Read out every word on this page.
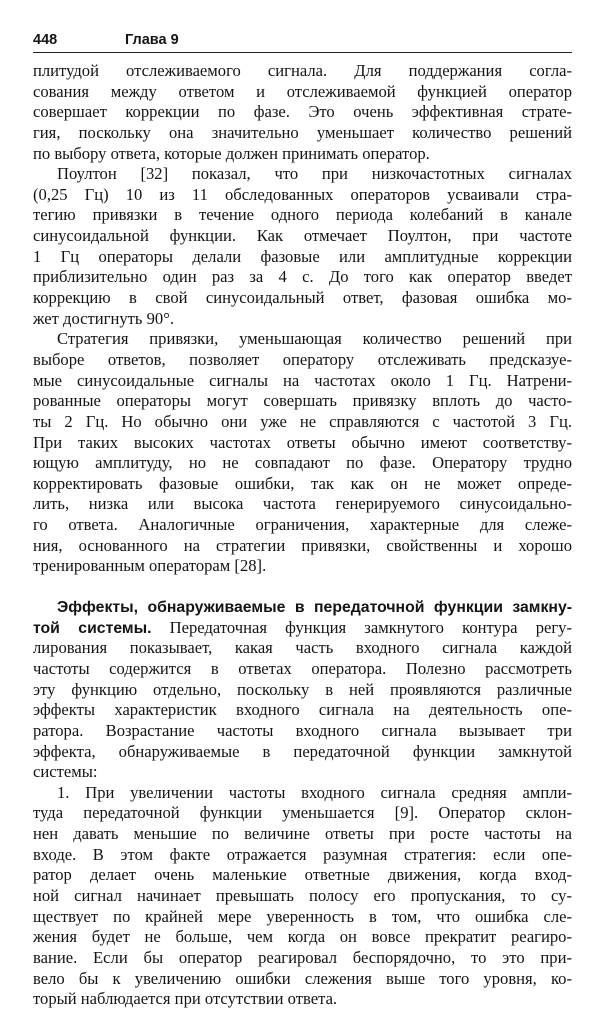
448	Глава 9
плитудой отслеживаемого сигнала. Для поддержания согла-
сования между ответом и отслеживаемой функцией оператор
совершает коррекции по фазе. Это очень эффективная страте-
гия, поскольку она значительно уменьшает количество решений
по выбору ответа, которые должен принимать оператор.
Поултон [32] показал, что при низкочастотных сигналах
(0,25 Гц) 10 из 11 обследованных операторов усваивали стра-
тегию привязки в течение одного периода колебаний в канале
синусоидальной функции. Как отмечает Поултон, при частоте
1 Гц операторы делали фазовые или амплитудные коррекции
приблизительно один раз за 4 с. До того как оператор введет
коррекцию в свой синусоидальный ответ, фазовая ошибка мо-
жет достигнуть 90°.
Стратегия привязки, уменьшающая количество решений при
выборе ответов, позволяет оператору отслеживать предсказуе-
мые синусоидальные сигналы на частотах около 1 Гц. Натрени-
рованные операторы могут совершать привязку вплоть до часто-
ты 2 Гц. Но обычно они уже не справляются с частотой 3 Гц.
При таких высоких частотах ответы обычно имеют соответству-
ющую амплитуду, но не совпадают по фазе. Оператору трудно
корректировать фазовые ошибки, так как он не может опреде-
лить, низка или высока частота генерируемого синусоидально-
го ответа. Аналогичные ограничения, характерные для слеже-
ния, основанного на стратегии привязки, свойственны и хорошо
тренированным операторам [28].
Эффекты, обнаруживаемые в передаточной функции замкну-
той системы. Передаточная функция замкнутого контура регу-
лирования показывает, какая часть входного сигнала каждой
частоты содержится в ответах оператора. Полезно рассмотреть
эту функцию отдельно, поскольку в ней проявляются различные
эффекты характеристик входного сигнала на деятельность опе-
ратора. Возрастание частоты входного сигнала вызывает три
эффекта, обнаруживаемые в передаточной функции замкнутой
системы:
1. При увеличении частоты входного сигнала средняя ампли-
туда передаточной функции уменьшается [9]. Оператор склон-
нен давать меньшие по величине ответы при росте частоты на
входе. В этом факте отражается разумная стратегия: если опе-
ратор делает очень маленькие ответные движения, когда вход-
ной сигнал начинает превышать полосу его пропускания, то су-
ществует по крайней мере уверенность в том, что ошибка сле-
жения будет не больше, чем когда он вовсе прекратит реагиро-
вание. Если бы оператор реагировал беспорядочно, то это при-
вело бы к увеличению ошибки слежения выше того уровня, ко-
торый наблюдается при отсутствии ответа.
